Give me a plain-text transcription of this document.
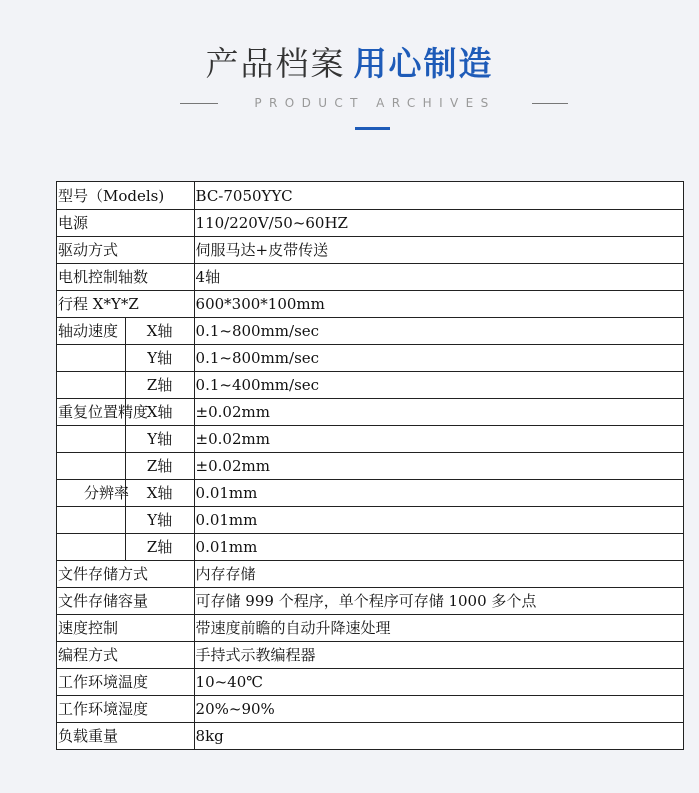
产品档案 用心制造
PRODUCT ARCHIVES
型号（Models)		BC-7050YYC
电源		110/220V/50~60HZ
驱动方式		伺服马达+皮带传送
电机控制轴数		4轴
行程 X*Y*Z		600*300*100mm
轴动速度	X轴	0.1~800mm/sec
	Y轴	0.1~800mm/sec
	Z轴	0.1~400mm/sec
重复位置精度	X轴	±0.02mm
	Y轴	±0.02mm
	Z轴	±0.02mm
分辨率	X轴	0.01mm
	Y轴	0.01mm
	Z轴	0.01mm
文件存储方式		内存存储
文件存储容量		可存储 999 个程序，单个程序可存储 1000 多个点
速度控制		带速度前瞻的自动升降速处理
编程方式		手持式示教编程器
工作环境温度		10~40℃
工作环境湿度		20%~90%
负载重量		8kg
